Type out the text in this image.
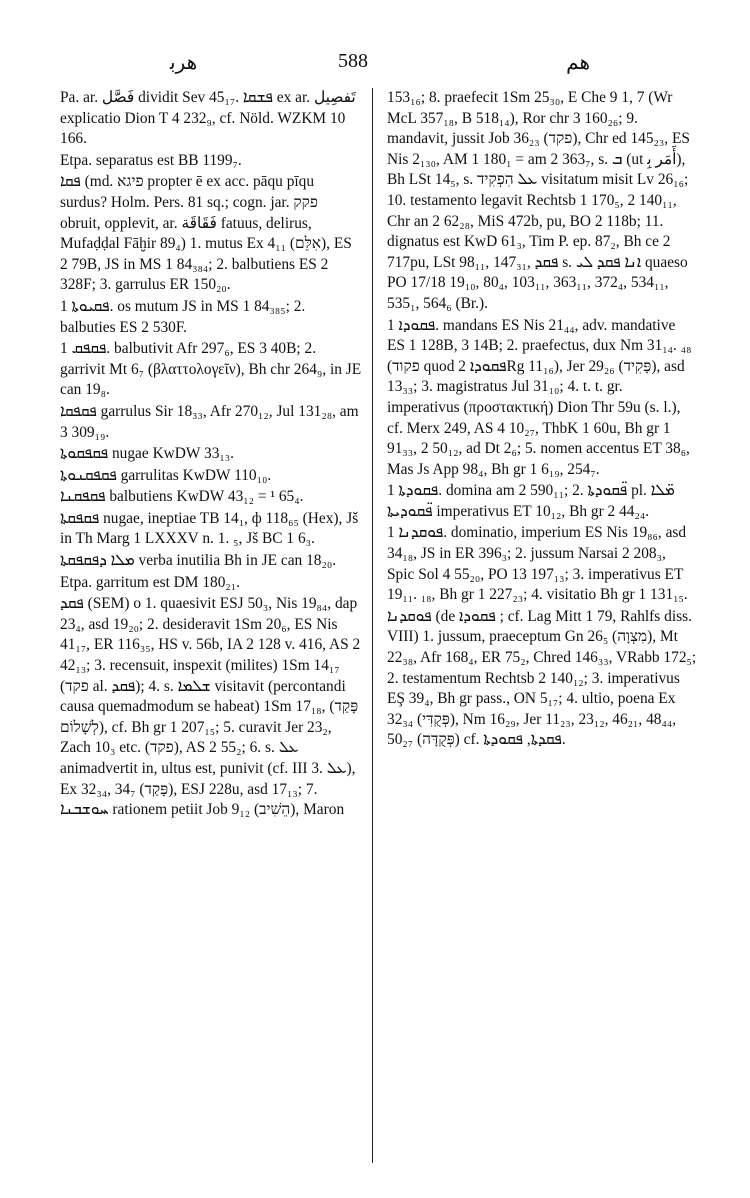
ﻫﺮﺑ	588	ﻫﻢ
Pa. ar. ﻓَﺼَّﻞ dividit Sev 45₁₇. ܦܫܩܐ ex ar. ﺗَﻔﺼِﻴﻞ explicatio Dion T 4 232₉, cf. Nöld. WZKM 10 166.
Etpa. separatus est BB 1199₇.
ܦܩܐ (md. פיגא propter ē ex acc. pāqu pīqu surdus? Holm. Pers. 81 sq.; cogn. jar. פקק obruit, opplevit, ar. ﻓَﻘَﺎﻗَﺔ fatuus, delirus, Mufaḍḍal Fāḫir 89₄) 1. mutus Ex 4₁₁ (אִלֵּם), ES 2 79B, JS in MS 1 84₃₈₄; 2. balbutiens ES 2 328F; 3. garrulus ER 150₂₀.
ܦܩܝܘܬܐ 1. os mutum JS in MS 1 84₃₈₅; 2. balbuties ES 2 530F.
ܦܩܦܩ 1. balbutivit Afr 297₆, ES 3 40B; 2. garrivit Mt 6₇ (βλαττολογεῖν), Bh chr 264₉, in JE can 19₈.
ܦܩܦܩܐ garrulus Sir 18₃₃, Afr 270₁₂, Jul 131₂₈, am 3 309₁₉.
ܦܩܦܩܘܬܐ nugae KwDW 33₁₃.
ܦܩܦܩܢܘܬܐ garrulitas KwDW 110₁₀.
ܦܩܦܩܢܐ balbutiens KwDW 43₁₂ = ¹ 65₄.
ܦܩܦܩܬܐ nugae, ineptiae TB 14₁, ф 118₆₅ (Hex), Jš in Th Marg 1 LXXXV n. 1. ₅, Jš BC 1 6₃.
ܡܠܐ ܕܦܩܦܩܬܐ verba inutilia Bh in JE can 18₂₀.
Etpa. garritum est DM 180₂₁.
ܦܩܕ (SEM) o 1. quaesivit ESJ 50₃, Nis 19₈₄, dap 23₄, asd 19₂₀; 2. desideravit 1Sm 20₆, ES Nis 41₁₇, ER 116₃₅, HS v. 56b, IA 2 128 v. 416, AS 2 42₁₃; 3. recensuit, inspexit (milites) 1Sm 14₁₇ (פקד al. ܦܩܕ); 4. s. ܫܠܡܐ visitavit (percontandi causa quemadmodum se habeat) 1Sm 17₁₈, (פָּקַד לְשָׁלוֹם), cf. Bh gr 1 207₁₅; 5. curavit Jer 23₂, Zach 10₃ etc. (פקד), AS 2 55₂; 6. s. ܥܠ animadvertit in, ultus est, punivit (cf. III 3. ܥܠ), Ex 32₃₄, 34₇ (פָּקַד), ESJ 228u, asd 17₁₃; 7. ܚܘܫܒܢܐ rationem petiit Job 9₁₂ (הֵשִׁיב), Maron
153₁₆; 8. praefecit 1Sm 25₃₀, E Che 9 1, 7 (Wr McL 357₁₈, B 518₁₄), Ror chr 3 160₂₆; 9. mandavit, jussit Job 36₂₃ (פקד), Chr ed 145₂₃, ES Nis 2₁₃₀, AM 1 180₁ = am 2 363₇, s. ܒ (ut ﺃَﻣَﺮ ﺑِ), Bh LSt 14₅, s. ܥܠ הִפְקִיד visitatum misit Lv 26₁₆; 10. testamento legavit Rechtsb 1 170₅, 2 140₁₁, Chr an 2 62₂₈, MiS 472b, pu, BO 2 118b; 11. dignatus est KwD 61₃, Tim P. ep. 87₂, Bh ce 2 717pu, LSt 98₁₁, 147₃₁, ܦܩܕ s. ܐܢܐ ܦܩܕ ܠܝ quaeso PO 17/18 19₁₀, 80₄, 103₁₁, 363₁₁, 372₄, 534₁₁, 535₁, 564₆ (Br.).
ܦܩܘܕܐ 1. mandans ES Nis 21₄₄, adv. mandative ES 1 128B, 3 14B; 2. praefectus, dux Nm 31₁₄. ₄₈ (פקוד quod ܦܩܘܕܐ 2Rg 11₁₆), Jer 29₂₆ (פָּקִיד), asd 13₃₃; 3. magistratus Jul 31₁₀; 4. t. t. gr. imperativus (προστακτική) Dion Thr 59u (s. l.), cf. Merx 249, AS 4 10₂₇, ThbK 1 60u, Bh gr 1 91₃₃, 2 50₁₂, ad Dt 2₆; 5. nomen accentus ET 38₆, Mas Js App 98₄, Bh gr 1 6₁₉, 254₇.
ܦܩܘܕܬܐ 1. domina am 2 590₁₁; 2. ܦ̈ܩܘܕܬܐ pl. ܡ̈ܠܐ ܦ̈ܩܘܕܝܬܐ imperativus ET 10₁₂, Bh gr 2 44₂₄.
ܦܘܩܕܢܐ 1. dominatio, imperium ES Nis 19₈₆, asd 34₁₈, JS in ER 396₃; 2. jussum Narsai 2 208₃, Spic Sol 4 55₂₀, PO 13 197₁₃; 3. imperativus ET 19₁₁. ₁₈, Bh gr 1 227₂₃; 4. visitatio Bh gr 1 131₁₅.
ܦܘܩܕܢܐ (de ܦܩܘܕܐ ; cf. Lag Mitt 1 79, Rahlfs diss. VIII) 1. jussum, praeceptum Gn 26₅ (מִצְוָה), Mt 22₃₈, Afr 168₄, ER 75₂, Chred 146₃₃, VRabb 172₅; 2. testamentum Rechtsb 2 140₁₂; 3. imperativus EŞ 39₄, Bh gr pass., ON 5₁₇; 4. ultio, poena Ex 32₃₄ (פְּקֻדִּי), Nm 16₂₉, Jer 11₂₃, 23₁₂, 46₂₁, 48₄₄, 50₂₇ (פְּקֻדָּה) cf. ܦܩܕܬܐ, ܦܩܘܕܬܐ.
